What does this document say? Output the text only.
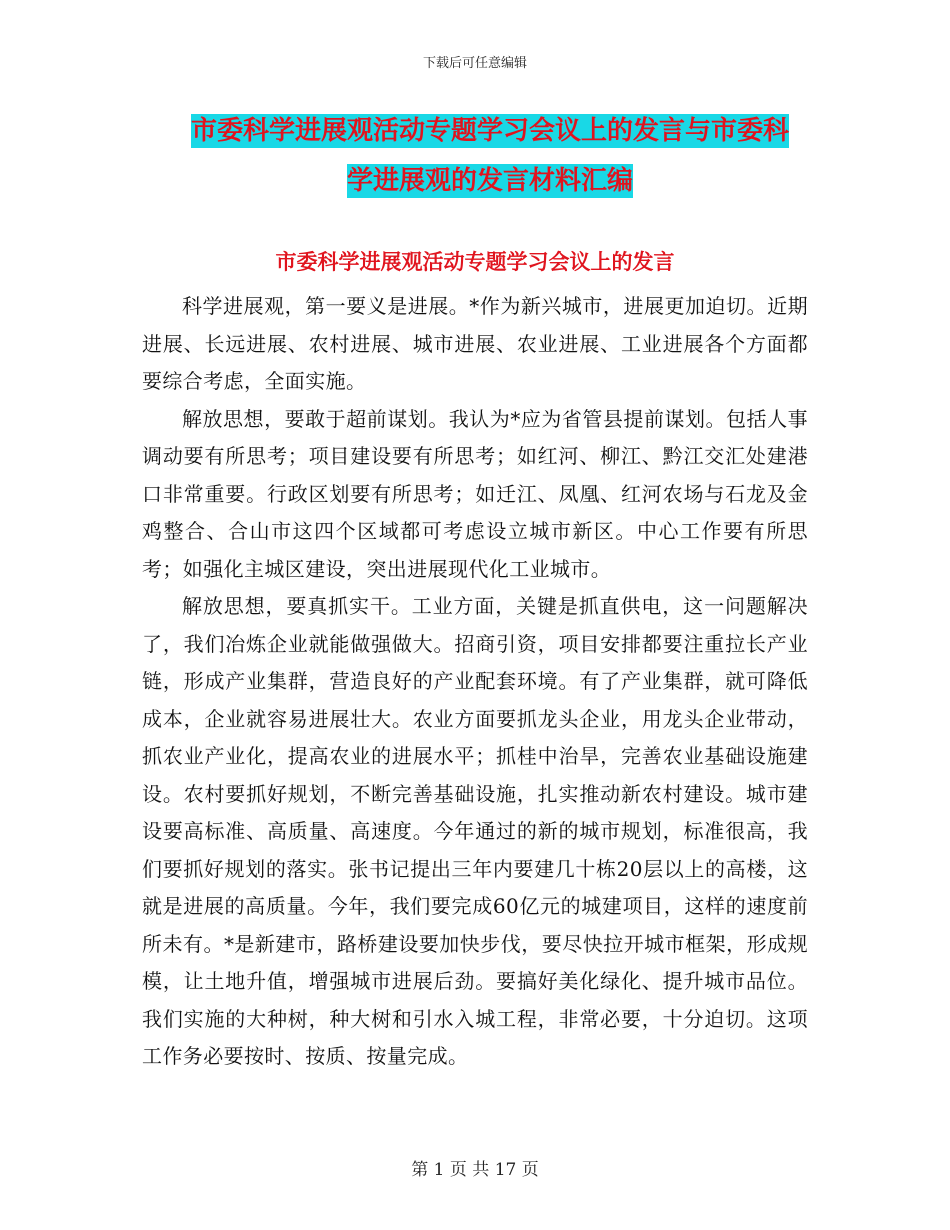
下载后可任意编辑
市委科学进展观活动专题学习会议上的发言与市委科
学进展观的发言材料汇编
市委科学进展观活动专题学习会议上的发言

科学进展观，第一要义是进展。*作为新兴城市，进展更加迫切。近期进展、长远进展、农村进展、城市进展、农业进展、工业进展各个方面都要综合考虑，全面实施。

解放思想，要敢于超前谋划。我认为*应为省管县提前谋划。包括人事调动要有所思考；项目建设要有所思考；如红河、柳江、黔江交汇处建港口非常重要。行政区划要有所思考；如迁江、凤凰、红河农场与石龙及金鸡整合、合山市这四个区域都可考虑设立城市新区。中心工作要有所思考；如强化主城区建设，突出进展现代化工业城市。

解放思想，要真抓实干。工业方面，关键是抓直供电，这一问题解决了，我们冶炼企业就能做强做大。招商引资，项目安排都要注重拉长产业链，形成产业集群，营造良好的产业配套环境。有了产业集群，就可降低成本，企业就容易进展壮大。农业方面要抓龙头企业，用龙头企业带动，抓农业产业化，提高农业的进展水平；抓桂中治旱，完善农业基础设施建设。农村要抓好规划，不断完善基础设施，扎实推动新农村建设。城市建设要高标准、高质量、高速度。今年通过的新的城市规划，标准很高，我们要抓好规划的落实。张书记提出三年内要建几十栋20层以上的高楼，这就是进展的高质量。今年，我们要完成60亿元的城建项目，这样的速度前所未有。*是新建市，路桥建设要加快步伐，要尽快拉开城市框架，形成规模，让土地升值，增强城市进展后劲。要搞好美化绿化、提升城市品位。我们实施的大种树，种大树和引水入城工程，非常必要，十分迫切。这项工作务必要按时、按质、按量完成。

第 1 页 共 17 页
